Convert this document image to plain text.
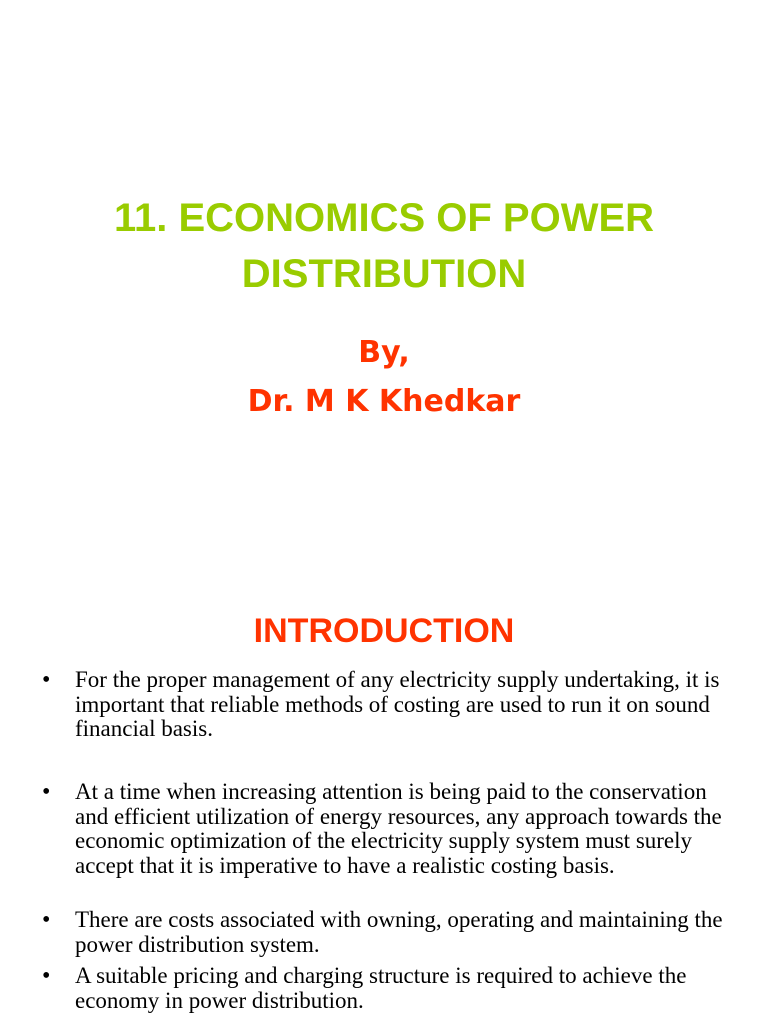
11. ECONOMICS OF POWER
DISTRIBUTION

By,

Dr. M K Khedkar

INTRODUCTION
• For the proper management of any electricity supply undertaking, it is important that reliable methods of costing are used to run it on sound financial basis.

• At a time when increasing attention is being paid to the conservation and efficient utilization of energy resources, any approach towards the economic optimization of the electricity supply system must surely accept that it is imperative to have a realistic costing basis.

• There are costs associated with owning, operating and maintaining the power distribution system.

• A suitable pricing and charging structure is required to achieve the economy in power distribution.
